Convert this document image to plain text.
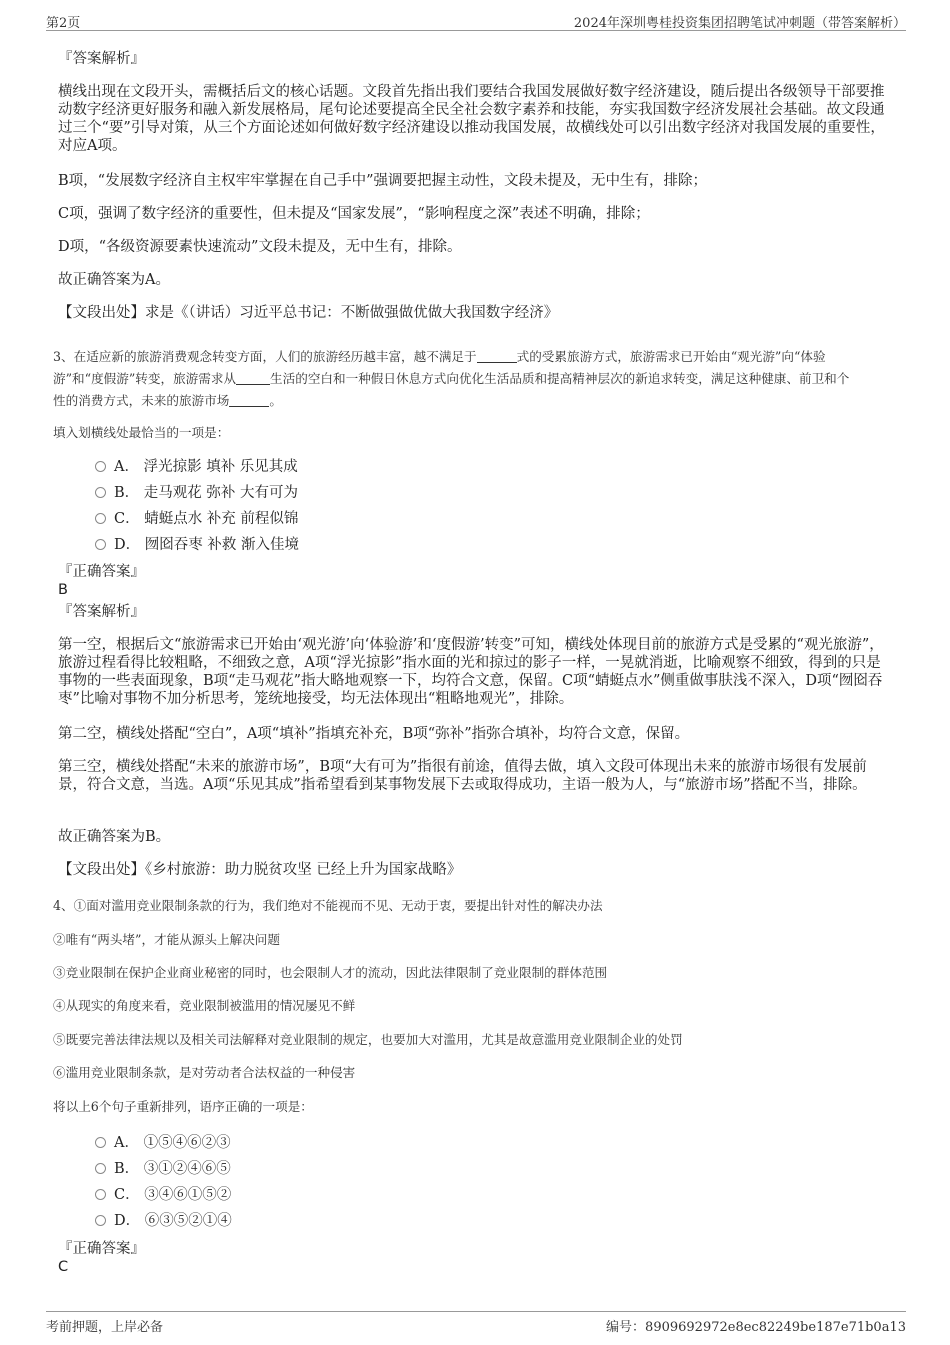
第2页	2024年深圳粤桂投资集团招聘笔试冲刺题（带答案解析）
『答案解析』
横线出现在文段开头，需概括后文的核心话题。文段首先指出我们要结合我国发展做好数字经济建设，随后提出各级领导干部要推动数字经济更好服务和融入新发展格局，尾句论述要提高全民全社会数字素养和技能，夯实我国数字经济发展社会基础。故文段通过三个“要”引导对策，从三个方面论述如何做好数字经济建设以推动我国发展，故横线处可以引出数字经济对我国发展的重要性，对应A项。
B项，“发展数字经济自主权牢牢掌握在自己手中”强调要把握主动性，文段未提及，无中生有，排除；
C项，强调了数字经济的重要性，但未提及“国家发展”，“影响程度之深”表述不明确，排除；
D项，“各级资源要素快速流动”文段未提及，无中生有，排除。
故正确答案为A。
【文段出处】求是《（讲话）习近平总书记：不断做强做优做大我国数字经济》
3、在适应新的旅游消费观念转变方面，人们的旅游经历越丰富，越不满足于	式的受累旅游方式，旅游需求已开始由“观光游”向“体验
游”和“度假游”转变，旅游需求从	生活的空白和一种假日休息方式向优化生活品质和提高精神层次的新追求转变，满足这种健康、前卫和个
性的消费方式，未来的旅游市场	。
填入划横线处最恰当的一项是：
A． 浮光掠影 填补 乐见其成
B． 走马观花 弥补 大有可为
C． 蜻蜓点水 补充 前程似锦
D． 囫囵吞枣 补救 渐入佳境
『正确答案』
B
『答案解析』
第一空，根据后文“旅游需求已开始由‘观光游’向‘体验游’和‘度假游’转变”可知，横线处体现目前的旅游方式是受累的“观光旅游”，旅游过程看得比较粗略，不细致之意，A项“浮光掠影”指水面的光和掠过的影子一样，一晃就消逝，比喻观察不细致，得到的只是事物的一些表面现象，B项“走马观花”指大略地观察一下，均符合文意，保留。C项“蜻蜓点水”侧重做事肤浅不深入，D项“囫囵吞枣”比喻对事物不加分析思考，笼统地接受，均无法体现出“粗略地观光”，排除。
第二空，横线处搭配“空白”，A项“填补”指填充补充，B项“弥补”指弥合填补，均符合文意，保留。
第三空，横线处搭配“未来的旅游市场”，B项“大有可为”指很有前途，值得去做，填入文段可体现出未来的旅游市场很有发展前景，符合文意，当选。A项“乐见其成”指希望看到某事物发展下去或取得成功，主语一般为人，与“旅游市场”搭配不当，排除。
故正确答案为B。
【文段出处】《乡村旅游：助力脱贫攻坚 已经上升为国家战略》
4、①面对滥用竞业限制条款的行为，我们绝对不能视而不见、无动于衷，要提出针对性的解决办法
②唯有“两头堵”，才能从源头上解决问题
③竞业限制在保护企业商业秘密的同时，也会限制人才的流动，因此法律限制了竞业限制的群体范围
④从现实的角度来看，竞业限制被滥用的情况屡见不鲜
⑤既要完善法律法规以及相关司法解释对竞业限制的规定，也要加大对滥用，尤其是故意滥用竞业限制企业的处罚
⑥滥用竞业限制条款，是对劳动者合法权益的一种侵害
将以上6个句子重新排列，语序正确的一项是：
A． ①⑤④⑥②③
B． ③①②④⑥⑤
C． ③④⑥①⑤②
D． ⑥③⑤②①④
『正确答案』
C
考前押题，上岸必备	编号：8909692972e8ec82249be187e71b0a13
